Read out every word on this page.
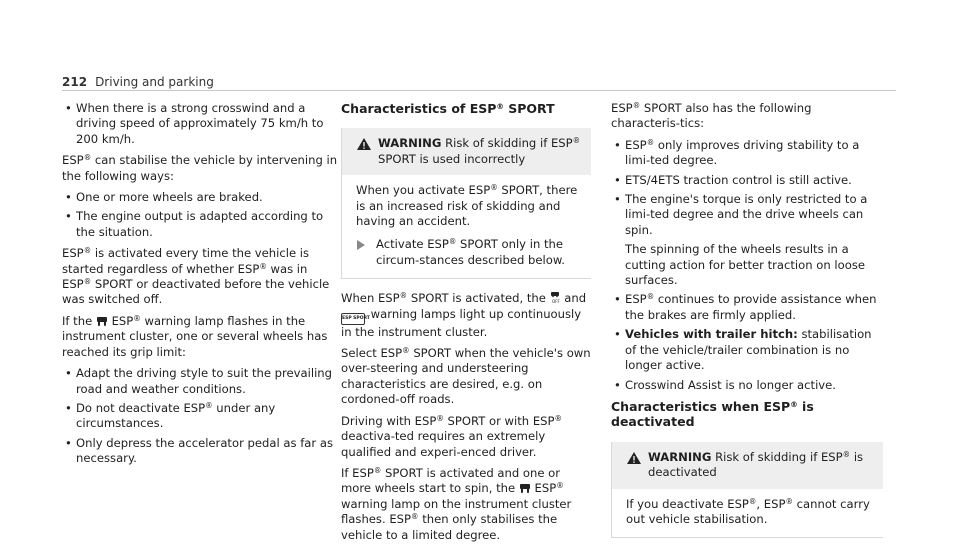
212 Driving and parking
• When there is a strong crosswind and a driving speed of approximately 75 km/h to 200 km/h.

ESP® can stabilise the vehicle by intervening in the following ways:

• One or more wheels are braked.
• The engine output is adapted according to the situation.

ESP® is activated every time the vehicle is started regardless of whether ESP® was in ESP® SPORT or deactivated before the vehicle was switched off.

If the  ESP® warning lamp flashes in the instrument cluster, one or several wheels has reached its grip limit:

• Adapt the driving style to suit the prevailing road and weather conditions.
• Do not deactivate ESP® under any circumstances.
• Only depress the accelerator pedal as far as necessary.
Characteristics of ESP® SPORT
WARNING Risk of skidding if ESP® SPORT is used incorrectly
When you activate ESP® SPORT, there is an increased risk of skidding and having an accident.
Activate ESP® SPORT only in the circum-stances described below.

When ESP® SPORT is activated, the OFF and
ESP SPORT warning lamps light up continuously in the instrument cluster.

Select ESP® SPORT when the vehicle's own over-steering and understeering characteristics are desired, e.g. on cordoned-off roads.

Driving with ESP® SPORT or with ESP® deactiva-ted requires an extremely qualified and experi-enced driver.

If ESP® SPORT is activated and one or more wheels start to spin, the  ESP® warning lamp on the instrument cluster flashes. ESP® then only stabilises the vehicle to a limited degree.

ESP® SPORT also has the following characteris-tics:

• ESP® only improves driving stability to a limi-ted degree.
• ETS/4ETS traction control is still active.
• The engine's torque is only restricted to a limi-ted degree and the drive wheels can spin.
The spinning of the wheels results in a cutting action for better traction on loose surfaces.
• ESP® continues to provide assistance when the brakes are firmly applied.
• Vehicles with trailer hitch: stabilisation of the vehicle/trailer combination is no longer active.
• Crosswind Assist is no longer active.
Characteristics when ESP® is deactivated
WARNING Risk of skidding if ESP® is deactivated
If you deactivate ESP®, ESP® cannot carry out vehicle stabilisation.
